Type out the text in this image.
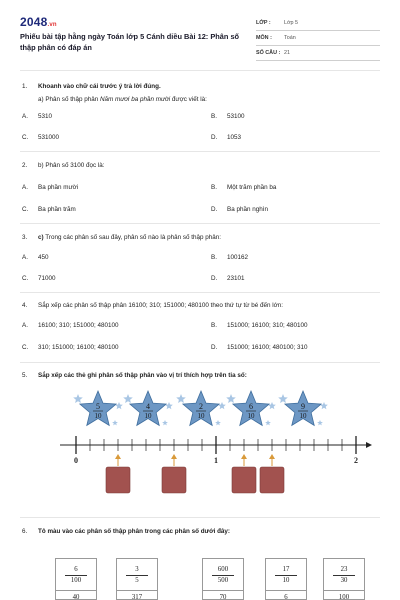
2048.vn
Phiếu bài tập hằng ngày Toán lớp 5 Cánh diều Bài 12: Phân số thập phân có đáp án
LỚP : Lớp 5
MÔN : Toán
SỐ CÂU : 21
1. Khoanh vào chữ cái trước ý trả lời đúng.
a) Phân số thập phân Năm mươi ba phần mười được viết là:
A. 5310	B. 53100
C. 531000	D. 1053
2. b) Phân số 3100 đọc là:
A. Ba phần mười	B. Một trăm phần ba
C. Ba phần trăm	D. Ba phần nghìn
3. c) Trong các phân số sau đây, phân số nào là phân số thập phân:
A. 450	B. 100162
C. 71000	D. 23101
4. Sắp xếp các phân số thập phân 16100; 310; 151000; 480100 theo thứ tự từ bé đến lớn:
A. 16100; 310; 151000; 480100	B. 151000; 16100; 310; 480100
C. 310; 151000; 16100; 480100	D. 151000; 16100; 480100; 310
5. Sắp xếp các thẻ ghi phân số thập phân vào vị trí thích hợp trên tia số:
5
10
4
10
2
10
6
10
9
10
0	1	2
6. Tô màu vào các phân số thập phân trong các phân số dưới đây:
6
100
40
3
5
317
600
500
70
17
10
6
23
30
100
